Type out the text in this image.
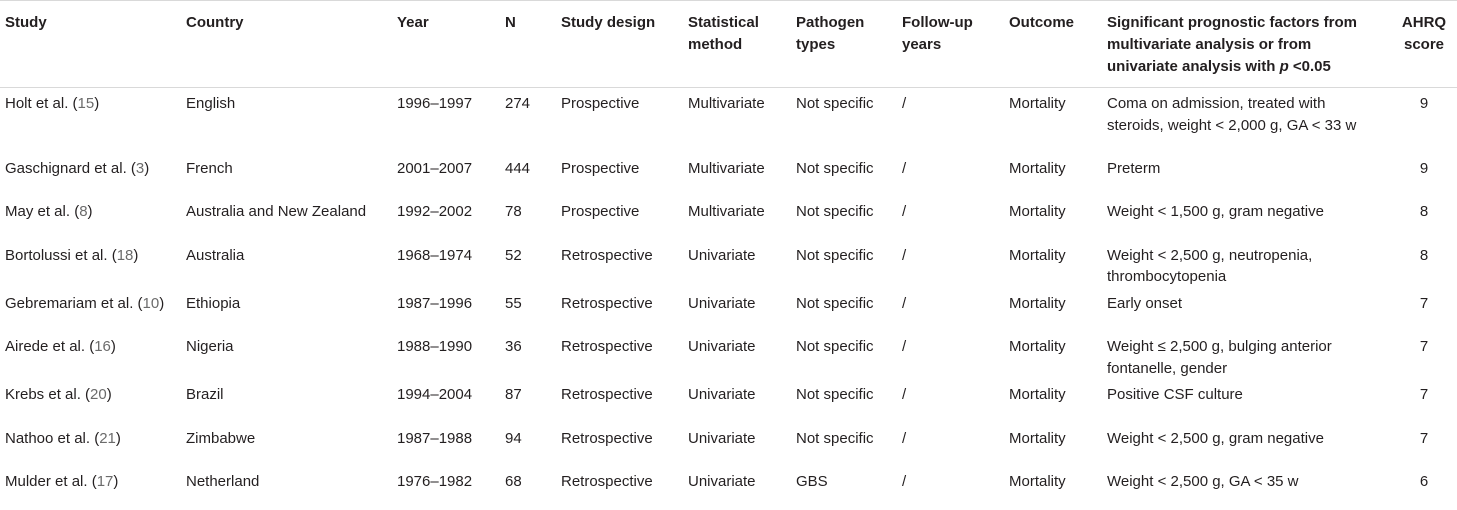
Study	Country	Year	N	Study design	Statistical method	Pathogen types	Follow-up years	Outcome	Significant prognostic factors from multivariate analysis or from univariate analysis with p <0.05	AHRQ score
Holt et al. (15)	English	1996–1997	274	Prospective	Multivariate	Not specific	/	Mortality	Coma on admission, treated with steroids, weight < 2,000 g, GA < 33 w	9
Gaschignard et al. (3)	French	2001–2007	444	Prospective	Multivariate	Not specific	/	Mortality	Preterm	9
May et al. (8)	Australia and New Zealand	1992–2002	78	Prospective	Multivariate	Not specific	/	Mortality	Weight < 1,500 g, gram negative	8
Bortolussi et al. (18)	Australia	1968–1974	52	Retrospective	Univariate	Not specific	/	Mortality	Weight < 2,500 g, neutropenia, thrombocytopenia	8
Gebremariam et al. (10)	Ethiopia	1987–1996	55	Retrospective	Univariate	Not specific	/	Mortality	Early onset	7
Airede et al. (16)	Nigeria	1988–1990	36	Retrospective	Univariate	Not specific	/	Mortality	Weight ≤ 2,500 g, bulging anterior fontanelle, gender	7
Krebs et al. (20)	Brazil	1994–2004	87	Retrospective	Univariate	Not specific	/	Mortality	Positive CSF culture	7
Nathoo et al. (21)	Zimbabwe	1987–1988	94	Retrospective	Univariate	Not specific	/	Mortality	Weight < 2,500 g, gram negative	7
Mulder et al. (17)	Netherland	1976–1982	68	Retrospective	Univariate	GBS	/	Mortality	Weight < 2,500 g, GA < 35 w	6
